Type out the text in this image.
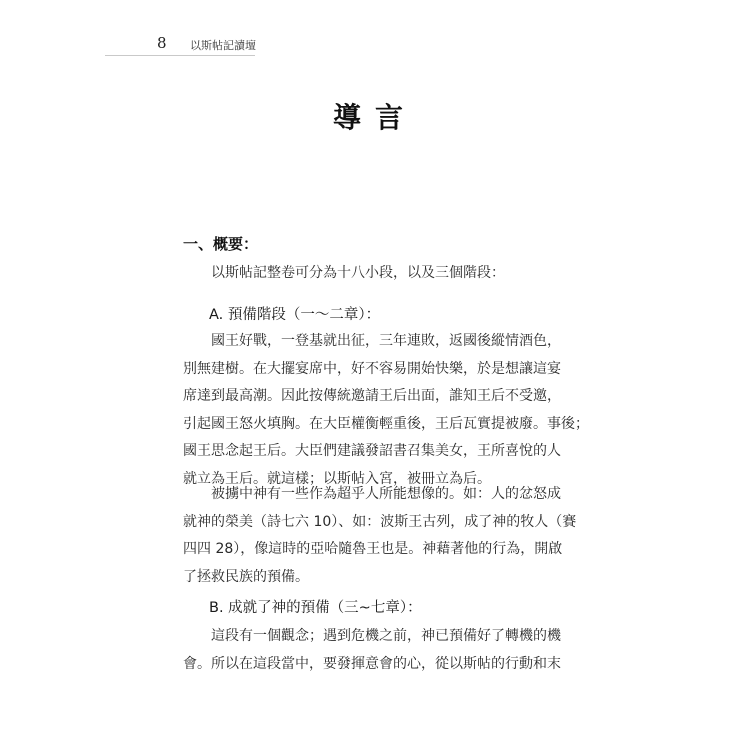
8 以斯帖記讀壇
導言
一、概要：
以斯帖記整卷可分為十八小段，以及三個階段：
A. 預備階段（一～二章）：
國王好戰，一登基就出征，三年連敗，返國後縱情酒色，
別無建樹。在大擺宴席中，好不容易開始快樂，於是想讓這宴
席達到最高潮。因此按傳統邀請王后出面，誰知王后不受邀，
引起國王怒火填胸。在大臣權衡輕重後，王后瓦實提被廢。事後；
國王思念起王后。大臣們建議發詔書召集美女，王所喜悅的人
就立為王后。就這樣；以斯帖入宮，被冊立為后。
被擄中神有一些作為超乎人所能想像的。如：人的忿怒成
就神的榮美（詩七六 10）、如：波斯王古列，成了神的牧人（賽
四四 28），像這時的亞哈隨魯王也是。神藉著他的行為，開啟
了拯救民族的預備。
B. 成就了神的預備（三~七章）：
這段有一個觀念；遇到危機之前，神已預備好了轉機的機
會。所以在這段當中，要發揮意會的心，從以斯帖的行動和末
